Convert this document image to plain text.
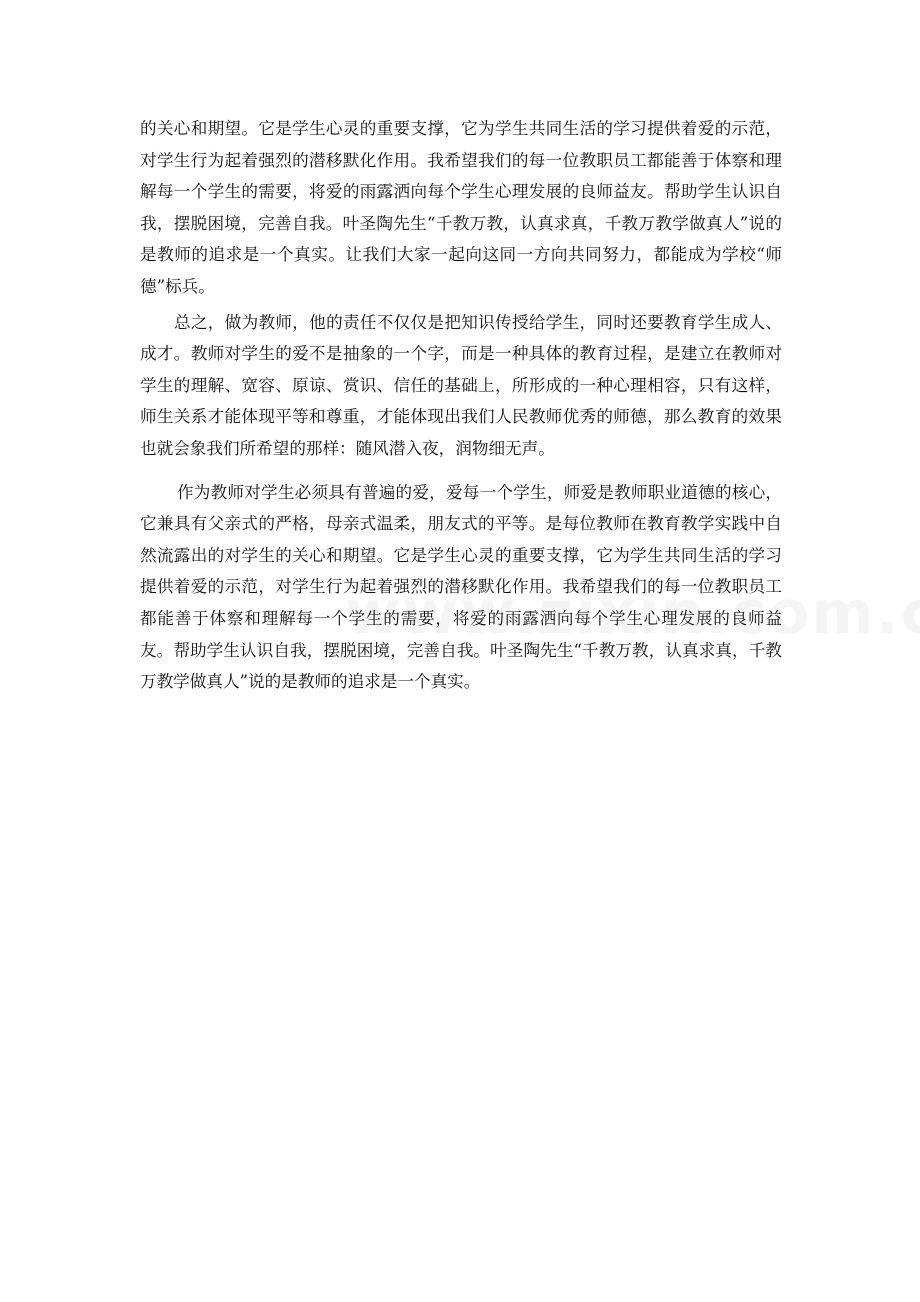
的关心和期望。它是学生心灵的重要支撑，它为学生共同生活的学习提供着爱的示范，对学生行为起着强烈的潜移默化作用。我希望我们的每一位教职员工都能善于体察和理解每一个学生的需要，将爱的雨露洒向每个学生心理发展的良师益友。帮助学生认识自我，摆脱困境，完善自我。叶圣陶先生“千教万教，认真求真，千教万教学做真人”说的是教师的追求是一个真实。让我们大家一起向这同一方向共同努力，都能成为学校“师德”标兵。

总之，做为教师，他的责任不仅仅是把知识传授给学生，同时还要教育学生成人、成才。教师对学生的爱不是抽象的一个字，而是一种具体的教育过程，是建立在教师对学生的理解、宽容、原谅、赏识、信任的基础上，所形成的一种心理相容，只有这样，师生关系才能体现平等和尊重，才能体现出我们人民教师优秀的师德，那么教育的效果也就会象我们所希望的那样：随风潜入夜，润物细无声。

作为教师对学生必须具有普遍的爱，爱每一个学生，师爱是教师职业道德的核心，它兼具有父亲式的严格，母亲式温柔，朋友式的平等。是每位教师在教育教学实践中自然流露出的对学生的关心和期望。它是学生心灵的重要支撑，它为学生共同生活的学习提供着爱的示范，对学生行为起着强烈的潜移默化作用。我希望我们的每一位教职员工都能善于体察和理解每一个学生的需要，将爱的雨露洒向每个学生心理发展的良师益友。帮助学生认识自我，摆脱困境，完善自我。叶圣陶先生“千教万教，认真求真，千教万教学做真人”说的是教师的追求是一个真实。
